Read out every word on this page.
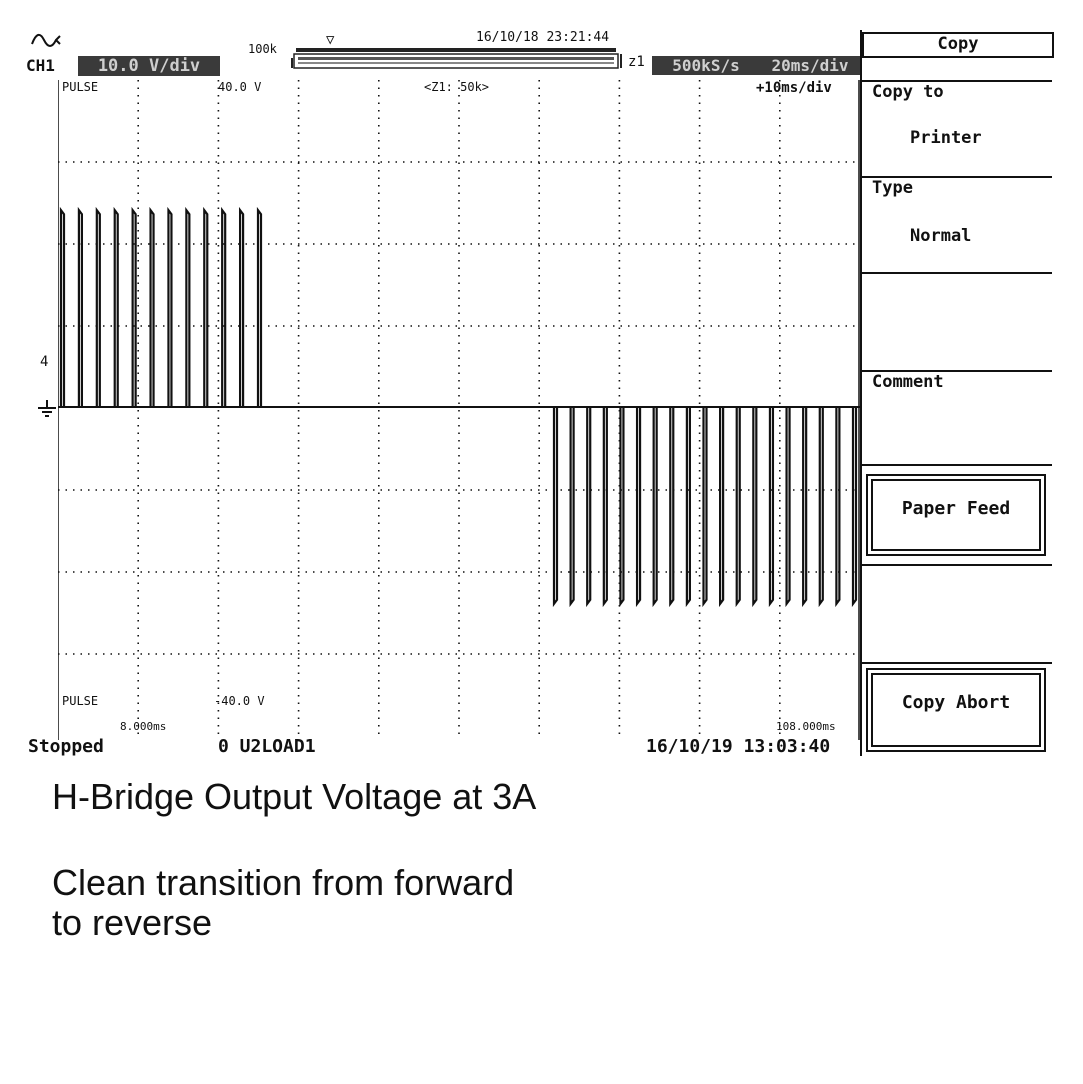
CH1	10.0 V/div
100k
▽	16/10/18 23:21:44
z1	500kS/s	20ms/div
PULSE	40.0 V	<Z1: 50k>	+10ms/div
PULSE	-40.0 V
8.000ms	108.000ms
4
Stopped	0 U2LOAD1	16/10/19 13:03:40
Copy
Copy to
Printer
Type
Normal
Comment
Paper Feed
Copy Abort
H-Bridge Output Voltage at 3A
Clean transition from forward
to reverse
